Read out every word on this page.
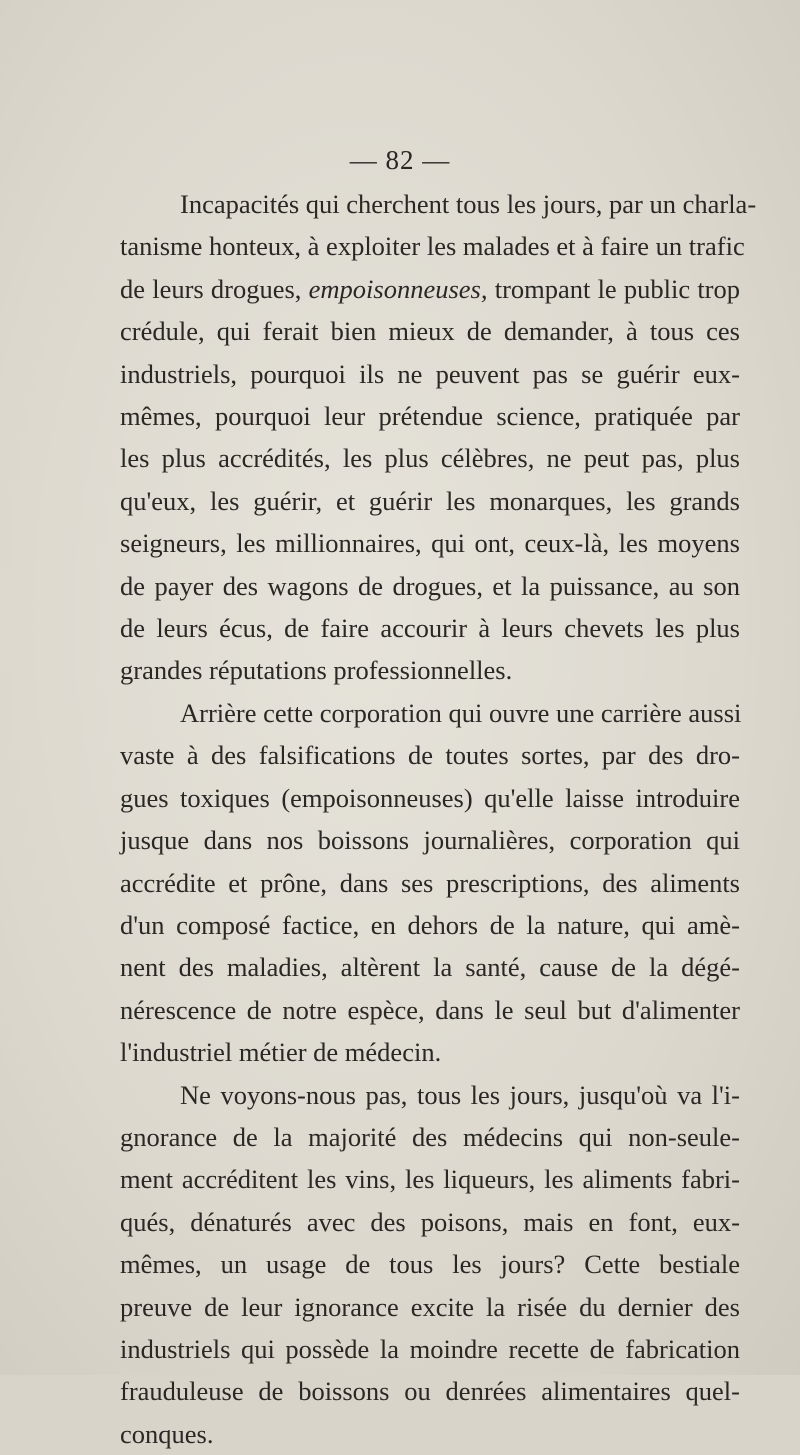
— 82 —

Incapacités qui cherchent tous les jours, par un charla-
tanisme honteux, à exploiter les malades et à faire un trafic
de leurs drogues, empoisonneuses, trompant le public trop
crédule, qui ferait bien mieux de demander, à tous ces
industriels, pourquoi ils ne peuvent pas se guérir eux-
mêmes, pourquoi leur prétendue science, pratiquée par
les plus accrédités, les plus célèbres, ne peut pas, plus
qu'eux, les guérir, et guérir les monarques, les grands
seigneurs, les millionnaires, qui ont, ceux-là, les moyens
de payer des wagons de drogues, et la puissance, au son
de leurs écus, de faire accourir à leurs chevets les plus
grandes réputations professionnelles.

Arrière cette corporation qui ouvre une carrière aussi
vaste à des falsifications de toutes sortes, par des dro-
gues toxiques (empoisonneuses) qu'elle laisse introduire
jusque dans nos boissons journalières, corporation qui
accrédite et prône, dans ses prescriptions, des aliments
d'un composé factice, en dehors de la nature, qui amè-
nent des maladies, altèrent la santé, cause de la dégé-
nérescence de notre espèce, dans le seul but d'alimenter
l'industriel métier de médecin.

Ne voyons-nous pas, tous les jours, jusqu'où va l'i-
gnorance de la majorité des médecins qui non-seule-
ment accréditent les vins, les liqueurs, les aliments fabri-
qués, dénaturés avec des poisons, mais en font, eux-
mêmes, un usage de tous les jours? Cette bestiale
preuve de leur ignorance excite la risée du dernier des
industriels qui possède la moindre recette de fabrication
frauduleuse de boissons ou denrées alimentaires quel-
conques.
